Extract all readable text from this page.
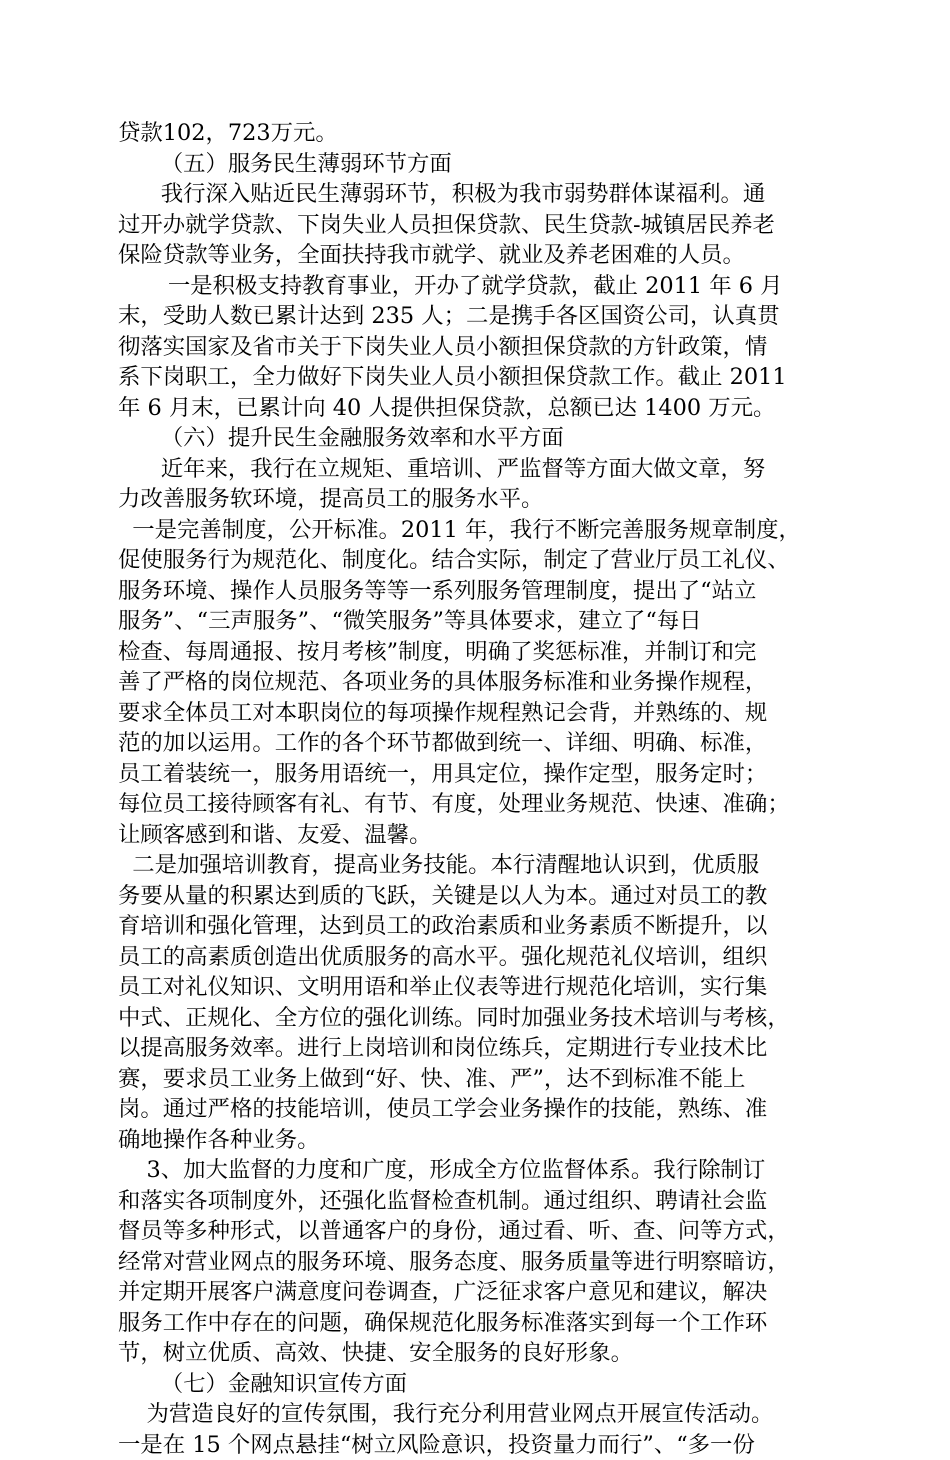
贷款102，723万元。
（五）服务民生薄弱环节方面
我行深入贴近民生薄弱环节，积极为我市弱势群体谋福利。通
过开办就学贷款、下岗失业人员担保贷款、民生贷款-城镇居民养老
保险贷款等业务，全面扶持我市就学、就业及养老困难的人员。
一是积极支持教育事业，开办了就学贷款，截止 2011 年 6 月
末，受助人数已累计达到 235 人；二是携手各区国资公司，认真贯
彻落实国家及省市关于下岗失业人员小额担保贷款的方针政策，情
系下岗职工，全力做好下岗失业人员小额担保贷款工作。截止 2011
年 6 月末，已累计向 40 人提供担保贷款，总额已达 1400 万元。
（六）提升民生金融服务效率和水平方面
近年来，我行在立规矩、重培训、严监督等方面大做文章，努
力改善服务软环境，提高员工的服务水平。
一是完善制度，公开标准。2011 年，我行不断完善服务规章制度，
促使服务行为规范化、制度化。结合实际，制定了营业厅员工礼仪、
服务环境、操作人员服务等等一系列服务管理制度，提出了“站立
服务”、“三声服务”、“微笑服务”等具体要求，建立了“每日
检查、每周通报、按月考核”制度，明确了奖惩标准，并制订和完
善了严格的岗位规范、各项业务的具体服务标准和业务操作规程，
要求全体员工对本职岗位的每项操作规程熟记会背，并熟练的、规
范的加以运用。工作的各个环节都做到统一、详细、明确、标准，
员工着装统一，服务用语统一，用具定位，操作定型，服务定时；
每位员工接待顾客有礼、有节、有度，处理业务规范、快速、准确；
让顾客感到和谐、友爱、温馨。
二是加强培训教育，提高业务技能。本行清醒地认识到，优质服
务要从量的积累达到质的飞跃，关键是以人为本。通过对员工的教
育培训和强化管理，达到员工的政治素质和业务素质不断提升，以
员工的高素质创造出优质服务的高水平。强化规范礼仪培训，组织
员工对礼仪知识、文明用语和举止仪表等进行规范化培训，实行集
中式、正规化、全方位的强化训练。同时加强业务技术培训与考核，
以提高服务效率。进行上岗培训和岗位练兵，定期进行专业技术比
赛，要求员工业务上做到“好、快、准、严”，达不到标准不能上
岗。通过严格的技能培训，使员工学会业务操作的技能，熟练、准
确地操作各种业务。
3、加大监督的力度和广度，形成全方位监督体系。我行除制订
和落实各项制度外，还强化监督检查机制。通过组织、聘请社会监
督员等多种形式，以普通客户的身份，通过看、听、查、问等方式，
经常对营业网点的服务环境、服务态度、服务质量等进行明察暗访，
并定期开展客户满意度问卷调查，广泛征求客户意见和建议，解决
服务工作中存在的问题，确保规范化服务标准落实到每一个工作环
节，树立优质、高效、快捷、安全服务的良好形象。
（七）金融知识宣传方面
为营造良好的宣传氛围，我行充分利用营业网点开展宣传活动。
一是在 15 个网点悬挂“树立风险意识，投资量力而行”、“多一份
